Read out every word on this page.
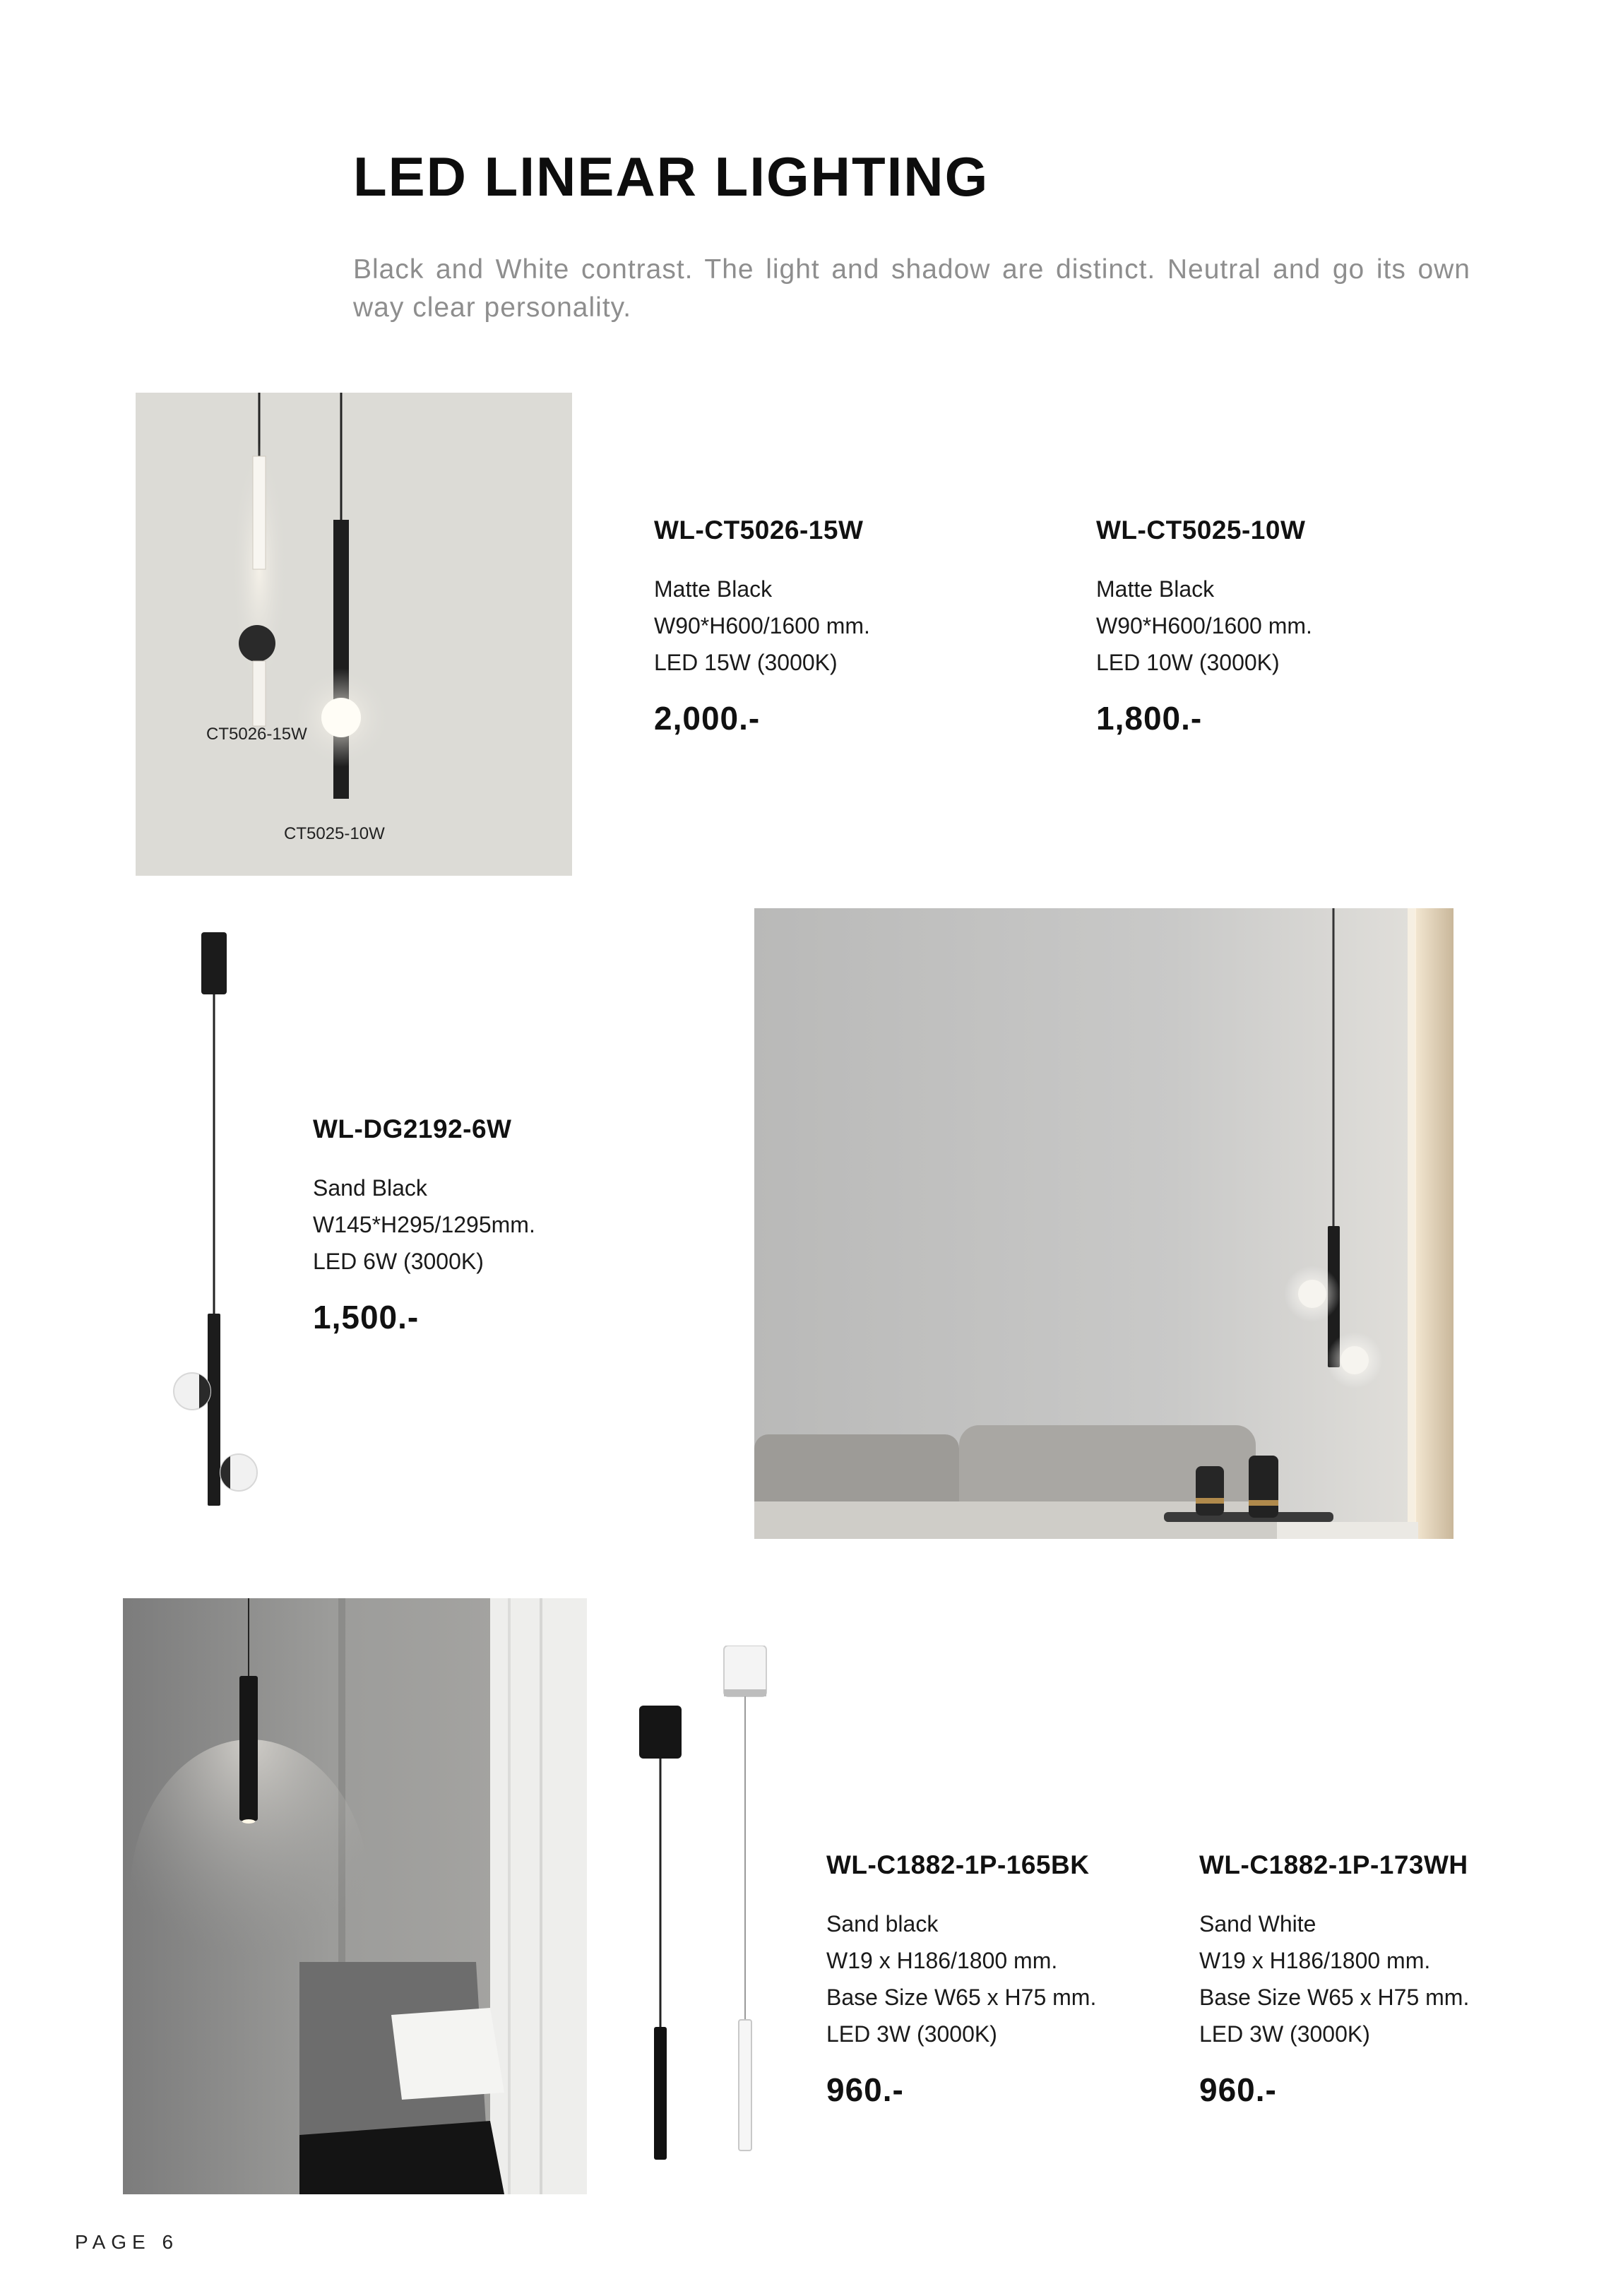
LED LINEAR LIGHTING
Black and White contrast. The light and shadow are distinct. Neutral and go its own way clear personality.
CT5026-15W
CT5025-10W
WL-CT5026-15W
Matte Black
W90*H600/1600 mm.
LED 15W (3000K)
2,000.-
WL-CT5025-10W
Matte Black
W90*H600/1600 mm.
LED 10W (3000K)
1,800.-
WL-DG2192-6W
Sand Black
W145*H295/1295mm.
LED 6W (3000K)
1,500.-
WL-C1882-1P-165BK
Sand black
W19 x H186/1800 mm.
Base Size W65 x H75 mm.
LED 3W (3000K)
960.-
WL-C1882-1P-173WH
Sand White
W19 x H186/1800 mm.
Base Size W65 x H75 mm.
LED 3W (3000K)
960.-
PAGE 6
